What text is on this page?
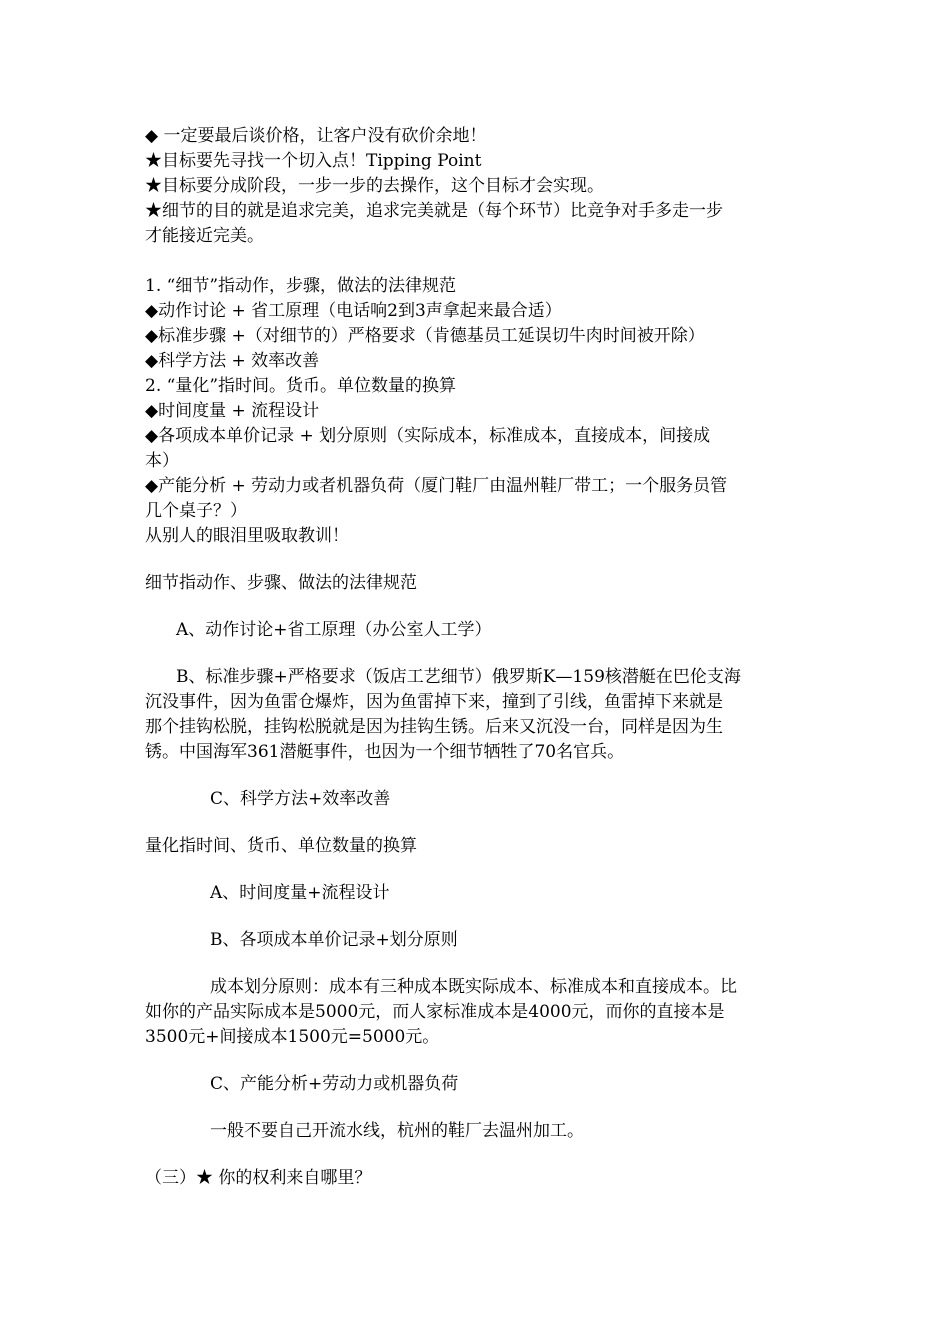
◆ 一定要最后谈价格，让客户没有砍价余地！
★目标要先寻找一个切入点！Tipping Point
★目标要分成阶段，一步一步的去操作，这个目标才会实现。
★细节的目的就是追求完美，追求完美就是（每个环节）比竞争对手多走一步
才能接近完美。
1. “细节”指动作，步骤，做法的法律规范
◆动作讨论 + 省工原理（电话响2到3声拿起来最合适）
◆标准步骤 +（对细节的）严格要求（肯德基员工延误切牛肉时间被开除）
◆科学方法 + 效率改善
2. “量化”指时间。货币。单位数量的换算
◆时间度量 + 流程设计
◆各项成本单价记录 + 划分原则（实际成本，标准成本，直接成本，间接成
本）
◆产能分析 + 劳动力或者机器负荷（厦门鞋厂由温州鞋厂带工；一个服务员管
几个桌子？）
从别人的眼泪里吸取教训！
细节指动作、步骤、做法的法律规范
A、动作讨论+省工原理（办公室人工学）
B、标准步骤+严格要求（饭店工艺细节）俄罗斯K—159核潜艇在巴伦支海
沉没事件，因为鱼雷仓爆炸，因为鱼雷掉下来，撞到了引线，鱼雷掉下来就是
那个挂钩松脱，挂钩松脱就是因为挂钩生锈。后来又沉没一台，同样是因为生
锈。中国海军361潜艇事件，也因为一个细节牺牲了70名官兵。
C、科学方法+效率改善
量化指时间、货币、单位数量的换算
A、时间度量+流程设计
B、各项成本单价记录+划分原则
成本划分原则：成本有三种成本既实际成本、标准成本和直接成本。比
如你的产品实际成本是5000元，而人家标准成本是4000元，而你的直接本是
3500元+间接成本1500元=5000元。
C、产能分析+劳动力或机器负荷
一般不要自己开流水线，杭州的鞋厂去温州加工。
（三）★ 你的权利来自哪里？
